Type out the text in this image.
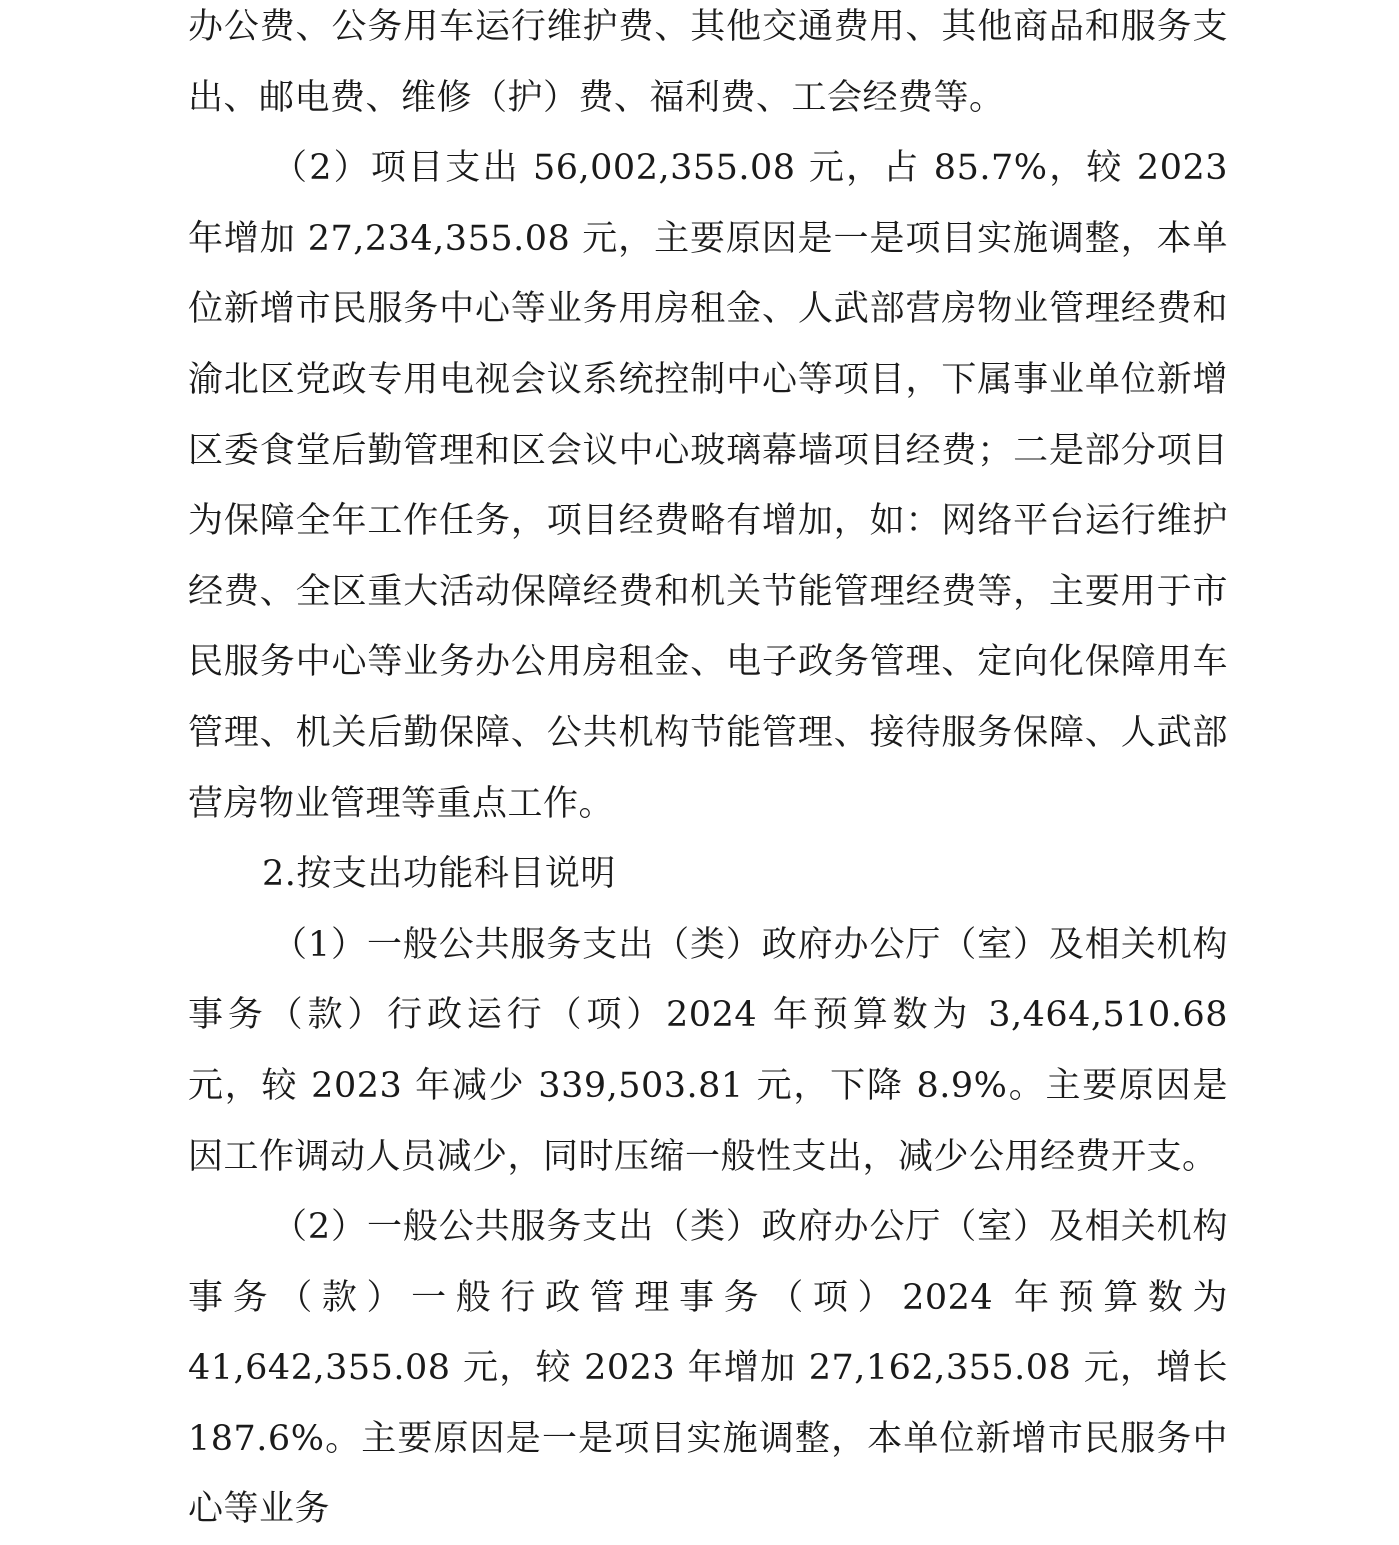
办公费、公务用车运行维护费、其他交通费用、其他商品和服务支出、邮电费、维修（护）费、福利费、工会经费等。

（2）项目支出 56,002,355.08 元，占 85.7%，较 2023 年增加 27,234,355.08 元，主要原因是一是项目实施调整，本单位新增市民服务中心等业务用房租金、人武部营房物业管理经费和渝北区党政专用电视会议系统控制中心等项目，下属事业单位新增区委食堂后勤管理和区会议中心玻璃幕墙项目经费；二是部分项目为保障全年工作任务，项目经费略有增加，如：网络平台运行维护经费、全区重大活动保障经费和机关节能管理经费等，主要用于市民服务中心等业务办公用房租金、电子政务管理、定向化保障用车管理、机关后勤保障、公共机构节能管理、接待服务保障、人武部营房物业管理等重点工作。

2.按支出功能科目说明

（1）一般公共服务支出（类）政府办公厅（室）及相关机构事务（款）行政运行（项）2024 年预算数为 3,464,510.68 元，较 2023 年减少 339,503.81 元，下降 8.9%。主要原因是因工作调动人员减少，同时压缩一般性支出，减少公用经费开支。

（2）一般公共服务支出（类）政府办公厅（室）及相关机构事务（款）一般行政管理事务（项）2024 年预算数为 41,642,355.08 元，较 2023 年增加 27,162,355.08 元，增长 187.6%。主要原因是一是项目实施调整，本单位新增市民服务中心等业务
